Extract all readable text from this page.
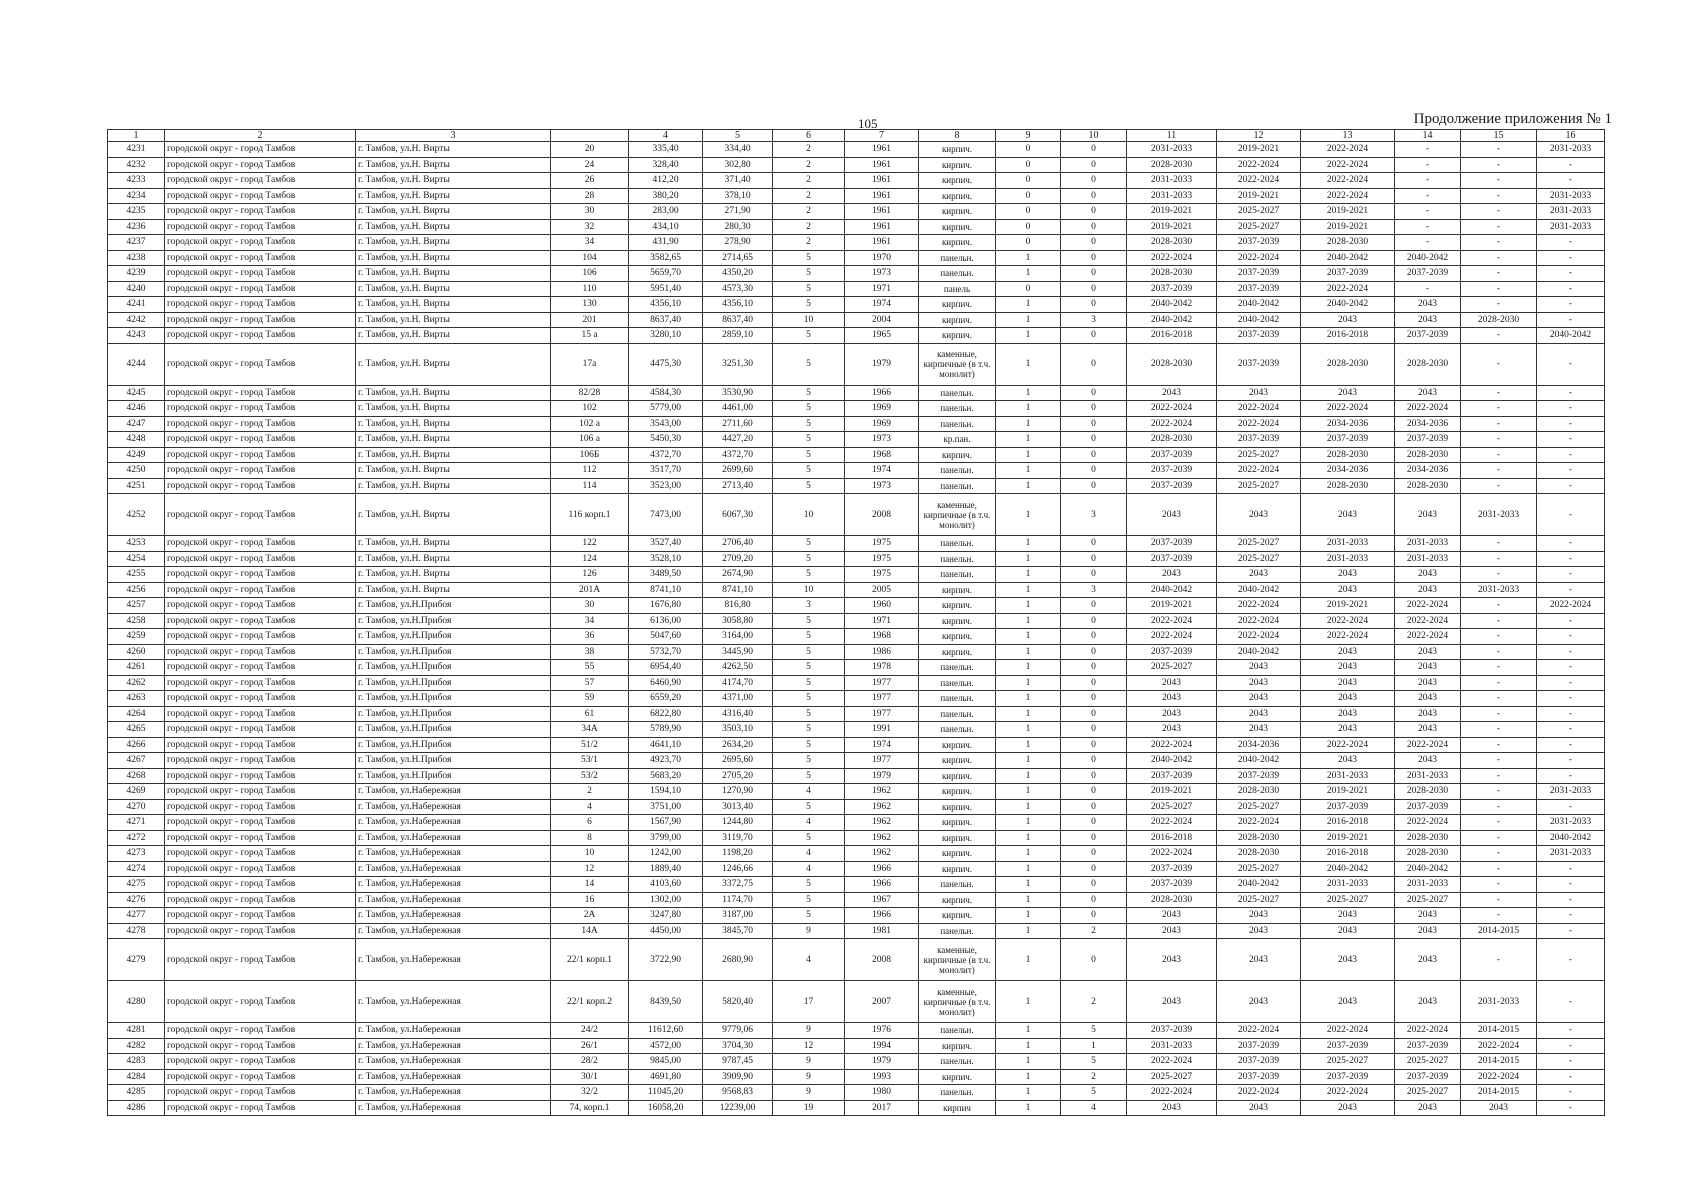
105	Продолжение приложения № 1
1	2	3		4	5	6	7	8	9	10	11	12	13	14	15	16
4231	городской округ - город Тамбов	г. Тамбов, ул.Н. Вирты	20	335,40	334,40	2	1961	кирпич.	0	0	2031-2033	2019-2021	2022-2024	-	-	2031-2033
4232	городской округ - город Тамбов	г. Тамбов, ул.Н. Вирты	24	328,40	302,80	2	1961	кирпич.	0	0	2028-2030	2022-2024	2022-2024	-	-	-
4233	городской округ - город Тамбов	г. Тамбов, ул.Н. Вирты	26	412,20	371,40	2	1961	кирпич.	0	0	2031-2033	2022-2024	2022-2024	-	-	-
4234	городской округ - город Тамбов	г. Тамбов, ул.Н. Вирты	28	380,20	378,10	2	1961	кирпич.	0	0	2031-2033	2019-2021	2022-2024	-	-	2031-2033
4235	городской округ - город Тамбов	г. Тамбов, ул.Н. Вирты	30	283,00	271,90	2	1961	кирпич.	0	0	2019-2021	2025-2027	2019-2021	-	-	2031-2033
4236	городской округ - город Тамбов	г. Тамбов, ул.Н. Вирты	32	434,10	280,30	2	1961	кирпич.	0	0	2019-2021	2025-2027	2019-2021	-	-	2031-2033
4237	городской округ - город Тамбов	г. Тамбов, ул.Н. Вирты	34	431,90	278,90	2	1961	кирпич.	0	0	2028-2030	2037-2039	2028-2030	-	-	-
4238	городской округ - город Тамбов	г. Тамбов, ул.Н. Вирты	104	3582,65	2714,65	5	1970	панельн.	1	0	2022-2024	2022-2024	2040-2042	2040-2042	-	-
4239	городской округ - город Тамбов	г. Тамбов, ул.Н. Вирты	106	5659,70	4350,20	5	1973	панельн.	1	0	2028-2030	2037-2039	2037-2039	2037-2039	-	-
4240	городской округ - город Тамбов	г. Тамбов, ул.Н. Вирты	110	5951,40	4573,30	5	1971	панель	0	0	2037-2039	2037-2039	2022-2024	-	-	-
4241	городской округ - город Тамбов	г. Тамбов, ул.Н. Вирты	130	4356,10	4356,10	5	1974	кирпич.	1	0	2040-2042	2040-2042	2040-2042	2043	-	-
4242	городской округ - город Тамбов	г. Тамбов, ул.Н. Вирты	201	8637,40	8637,40	10	2004	кирпич.	1	3	2040-2042	2040-2042	2043	2043	2028-2030	-
4243	городской округ - город Тамбов	г. Тамбов, ул.Н. Вирты	15 а	3280,10	2859,10	5	1965	кирпич.	1	0	2016-2018	2037-2039	2016-2018	2037-2039	-	2040-2042
4244	городской округ - город Тамбов	г. Тамбов, ул.Н. Вирты	17а	4475,30	3251,30	5	1979	каменные, кирпичные (в т.ч. монолит)	1	0	2028-2030	2037-2039	2028-2030	2028-2030	-	-
4245	городской округ - город Тамбов	г. Тамбов, ул.Н. Вирты	82/28	4584,30	3530,90	5	1966	панельн.	1	0	2043	2043	2043	2043	-	-
4246	городской округ - город Тамбов	г. Тамбов, ул.Н. Вирты	102	5779,00	4461,00	5	1969	панельн.	1	0	2022-2024	2022-2024	2022-2024	2022-2024	-	-
4247	городской округ - город Тамбов	г. Тамбов, ул.Н. Вирты	102 а	3543,00	2711,60	5	1969	панельн.	1	0	2022-2024	2022-2024	2034-2036	2034-2036	-	-
4248	городской округ - город Тамбов	г. Тамбов, ул.Н. Вирты	106 а	5450,30	4427,20	5	1973	кр.пан.	1	0	2028-2030	2037-2039	2037-2039	2037-2039	-	-
4249	городской округ - город Тамбов	г. Тамбов, ул.Н. Вирты	106Б	4372,70	4372,70	5	1968	кирпич.	1	0	2037-2039	2025-2027	2028-2030	2028-2030	-	-
4250	городской округ - город Тамбов	г. Тамбов, ул.Н. Вирты	112	3517,70	2699,60	5	1974	панельн.	1	0	2037-2039	2022-2024	2034-2036	2034-2036	-	-
4251	городской округ - город Тамбов	г. Тамбов, ул.Н. Вирты	114	3523,00	2713,40	5	1973	панельн.	1	0	2037-2039	2025-2027	2028-2030	2028-2030	-	-
4252	городской округ - город Тамбов	г. Тамбов, ул.Н. Вирты	116 корп.1	7473,00	6067,30	10	2008	каменные, кирпичные (в т.ч. монолит)	1	3	2043	2043	2043	2043	2031-2033	-
4253	городской округ - город Тамбов	г. Тамбов, ул.Н. Вирты	122	3527,40	2706,40	5	1975	панельн.	1	0	2037-2039	2025-2027	2031-2033	2031-2033	-	-
4254	городской округ - город Тамбов	г. Тамбов, ул.Н. Вирты	124	3528,10	2709,20	5	1975	панельн.	1	0	2037-2039	2025-2027	2031-2033	2031-2033	-	-
4255	городской округ - город Тамбов	г. Тамбов, ул.Н. Вирты	126	3489,50	2674,90	5	1975	панельн.	1	0	2043	2043	2043	2043	-	-
4256	городской округ - город Тамбов	г. Тамбов, ул.Н. Вирты	201А	8741,10	8741,10	10	2005	кирпич.	1	3	2040-2042	2040-2042	2043	2043	2031-2033	-
4257	городской округ - город Тамбов	г. Тамбов, ул.Н.Прибоя	30	1676,80	816,80	3	1960	кирпич.	1	0	2019-2021	2022-2024	2019-2021	2022-2024	-	2022-2024
4258	городской округ - город Тамбов	г. Тамбов, ул.Н.Прибоя	34	6136,00	3058,80	5	1971	кирпич.	1	0	2022-2024	2022-2024	2022-2024	2022-2024	-	-
4259	городской округ - город Тамбов	г. Тамбов, ул.Н.Прибоя	36	5047,60	3164,00	5	1968	кирпич.	1	0	2022-2024	2022-2024	2022-2024	2022-2024	-	-
4260	городской округ - город Тамбов	г. Тамбов, ул.Н.Прибоя	38	5732,70	3445,90	5	1986	кирпич.	1	0	2037-2039	2040-2042	2043	2043	-	-
4261	городской округ - город Тамбов	г. Тамбов, ул.Н.Прибоя	55	6954,40	4262,50	5	1978	панельн.	1	0	2025-2027	2043	2043	2043	-	-
4262	городской округ - город Тамбов	г. Тамбов, ул.Н.Прибоя	57	6460,90	4174,70	5	1977	панельн.	1	0	2043	2043	2043	2043	-	-
4263	городской округ - город Тамбов	г. Тамбов, ул.Н.Прибоя	59	6559,20	4371,00	5	1977	панельн.	1	0	2043	2043	2043	2043	-	-
4264	городской округ - город Тамбов	г. Тамбов, ул.Н.Прибоя	61	6822,80	4316,40	5	1977	панельн.	1	0	2043	2043	2043	2043	-	-
4265	городской округ - город Тамбов	г. Тамбов, ул.Н.Прибоя	34А	5789,90	3503,10	5	1991	панельн.	1	0	2043	2043	2043	2043	-	-
4266	городской округ - город Тамбов	г. Тамбов, ул.Н.Прибоя	51/2	4641,10	2634,20	5	1974	кирпич.	1	0	2022-2024	2034-2036	2022-2024	2022-2024	-	-
4267	городской округ - город Тамбов	г. Тамбов, ул.Н.Прибоя	53/1	4923,70	2695,60	5	1977	кирпич.	1	0	2040-2042	2040-2042	2043	2043	-	-
4268	городской округ - город Тамбов	г. Тамбов, ул.Н.Прибоя	53/2	5683,20	2705,20	5	1979	кирпич.	1	0	2037-2039	2037-2039	2031-2033	2031-2033	-	-
4269	городской округ - город Тамбов	г. Тамбов, ул.Набережная	2	1594,10	1270,90	4	1962	кирпич.	1	0	2019-2021	2028-2030	2019-2021	2028-2030	-	2031-2033
4270	городской округ - город Тамбов	г. Тамбов, ул.Набережная	4	3751,00	3013,40	5	1962	кирпич.	1	0	2025-2027	2025-2027	2037-2039	2037-2039	-	-
4271	городской округ - город Тамбов	г. Тамбов, ул.Набережная	6	1567,90	1244,80	4	1962	кирпич.	1	0	2022-2024	2022-2024	2016-2018	2022-2024	-	2031-2033
4272	городской округ - город Тамбов	г. Тамбов, ул.Набережная	8	3799,00	3119,70	5	1962	кирпич.	1	0	2016-2018	2028-2030	2019-2021	2028-2030	-	2040-2042
4273	городской округ - город Тамбов	г. Тамбов, ул.Набережная	10	1242,00	1198,20	4	1962	кирпич.	1	0	2022-2024	2028-2030	2016-2018	2028-2030	-	2031-2033
4274	городской округ - город Тамбов	г. Тамбов, ул.Набережная	12	1889,40	1246,66	4	1966	кирпич.	1	0	2037-2039	2025-2027	2040-2042	2040-2042	-	-
4275	городской округ - город Тамбов	г. Тамбов, ул.Набережная	14	4103,60	3372,75	5	1966	панельн.	1	0	2037-2039	2040-2042	2031-2033	2031-2033	-	-
4276	городской округ - город Тамбов	г. Тамбов, ул.Набережная	16	1302,00	1174,70	5	1967	кирпич.	1	0	2028-2030	2025-2027	2025-2027	2025-2027	-	-
4277	городской округ - город Тамбов	г. Тамбов, ул.Набережная	2А	3247,80	3187,00	5	1966	кирпич.	1	0	2043	2043	2043	2043	-	-
4278	городской округ - город Тамбов	г. Тамбов, ул.Набережная	14А	4450,00	3845,70	9	1981	панельн.	1	2	2043	2043	2043	2043	2014-2015	-
4279	городской округ - город Тамбов	г. Тамбов, ул.Набережная	22/1 корп.1	3722,90	2680,90	4	2008	каменные, кирпичные (в т.ч. монолит)	1	0	2043	2043	2043	2043	-	-
4280	городской округ - город Тамбов	г. Тамбов, ул.Набережная	22/1 корп.2	8439,50	5820,40	17	2007	каменные, кирпичные (в т.ч. монолит)	1	2	2043	2043	2043	2043	2031-2033	-
4281	городской округ - город Тамбов	г. Тамбов, ул.Набережная	24/2	11612,60	9779,06	9	1976	панельн.	1	5	2037-2039	2022-2024	2022-2024	2022-2024	2014-2015	-
4282	городской округ - город Тамбов	г. Тамбов, ул.Набережная	26/1	4572,00	3704,30	12	1994	кирпич.	1	1	2031-2033	2037-2039	2037-2039	2037-2039	2022-2024	-
4283	городской округ - город Тамбов	г. Тамбов, ул.Набережная	28/2	9845,00	9787,45	9	1979	панельн.	1	5	2022-2024	2037-2039	2025-2027	2025-2027	2014-2015	-
4284	городской округ - город Тамбов	г. Тамбов, ул.Набережная	30/1	4691,80	3909,90	9	1993	кирпич.	1	2	2025-2027	2037-2039	2037-2039	2037-2039	2022-2024	-
4285	городской округ - город Тамбов	г. Тамбов, ул.Набережная	32/2	11045,20	9568,83	9	1980	панельн.	1	5	2022-2024	2022-2024	2022-2024	2025-2027	2014-2015	-
4286	городской округ - город Тамбов	г. Тамбов, ул.Набережная	74, корп.1	16058,20	12239,00	19	2017	кирпич	1	4	2043	2043	2043	2043	2043	-
